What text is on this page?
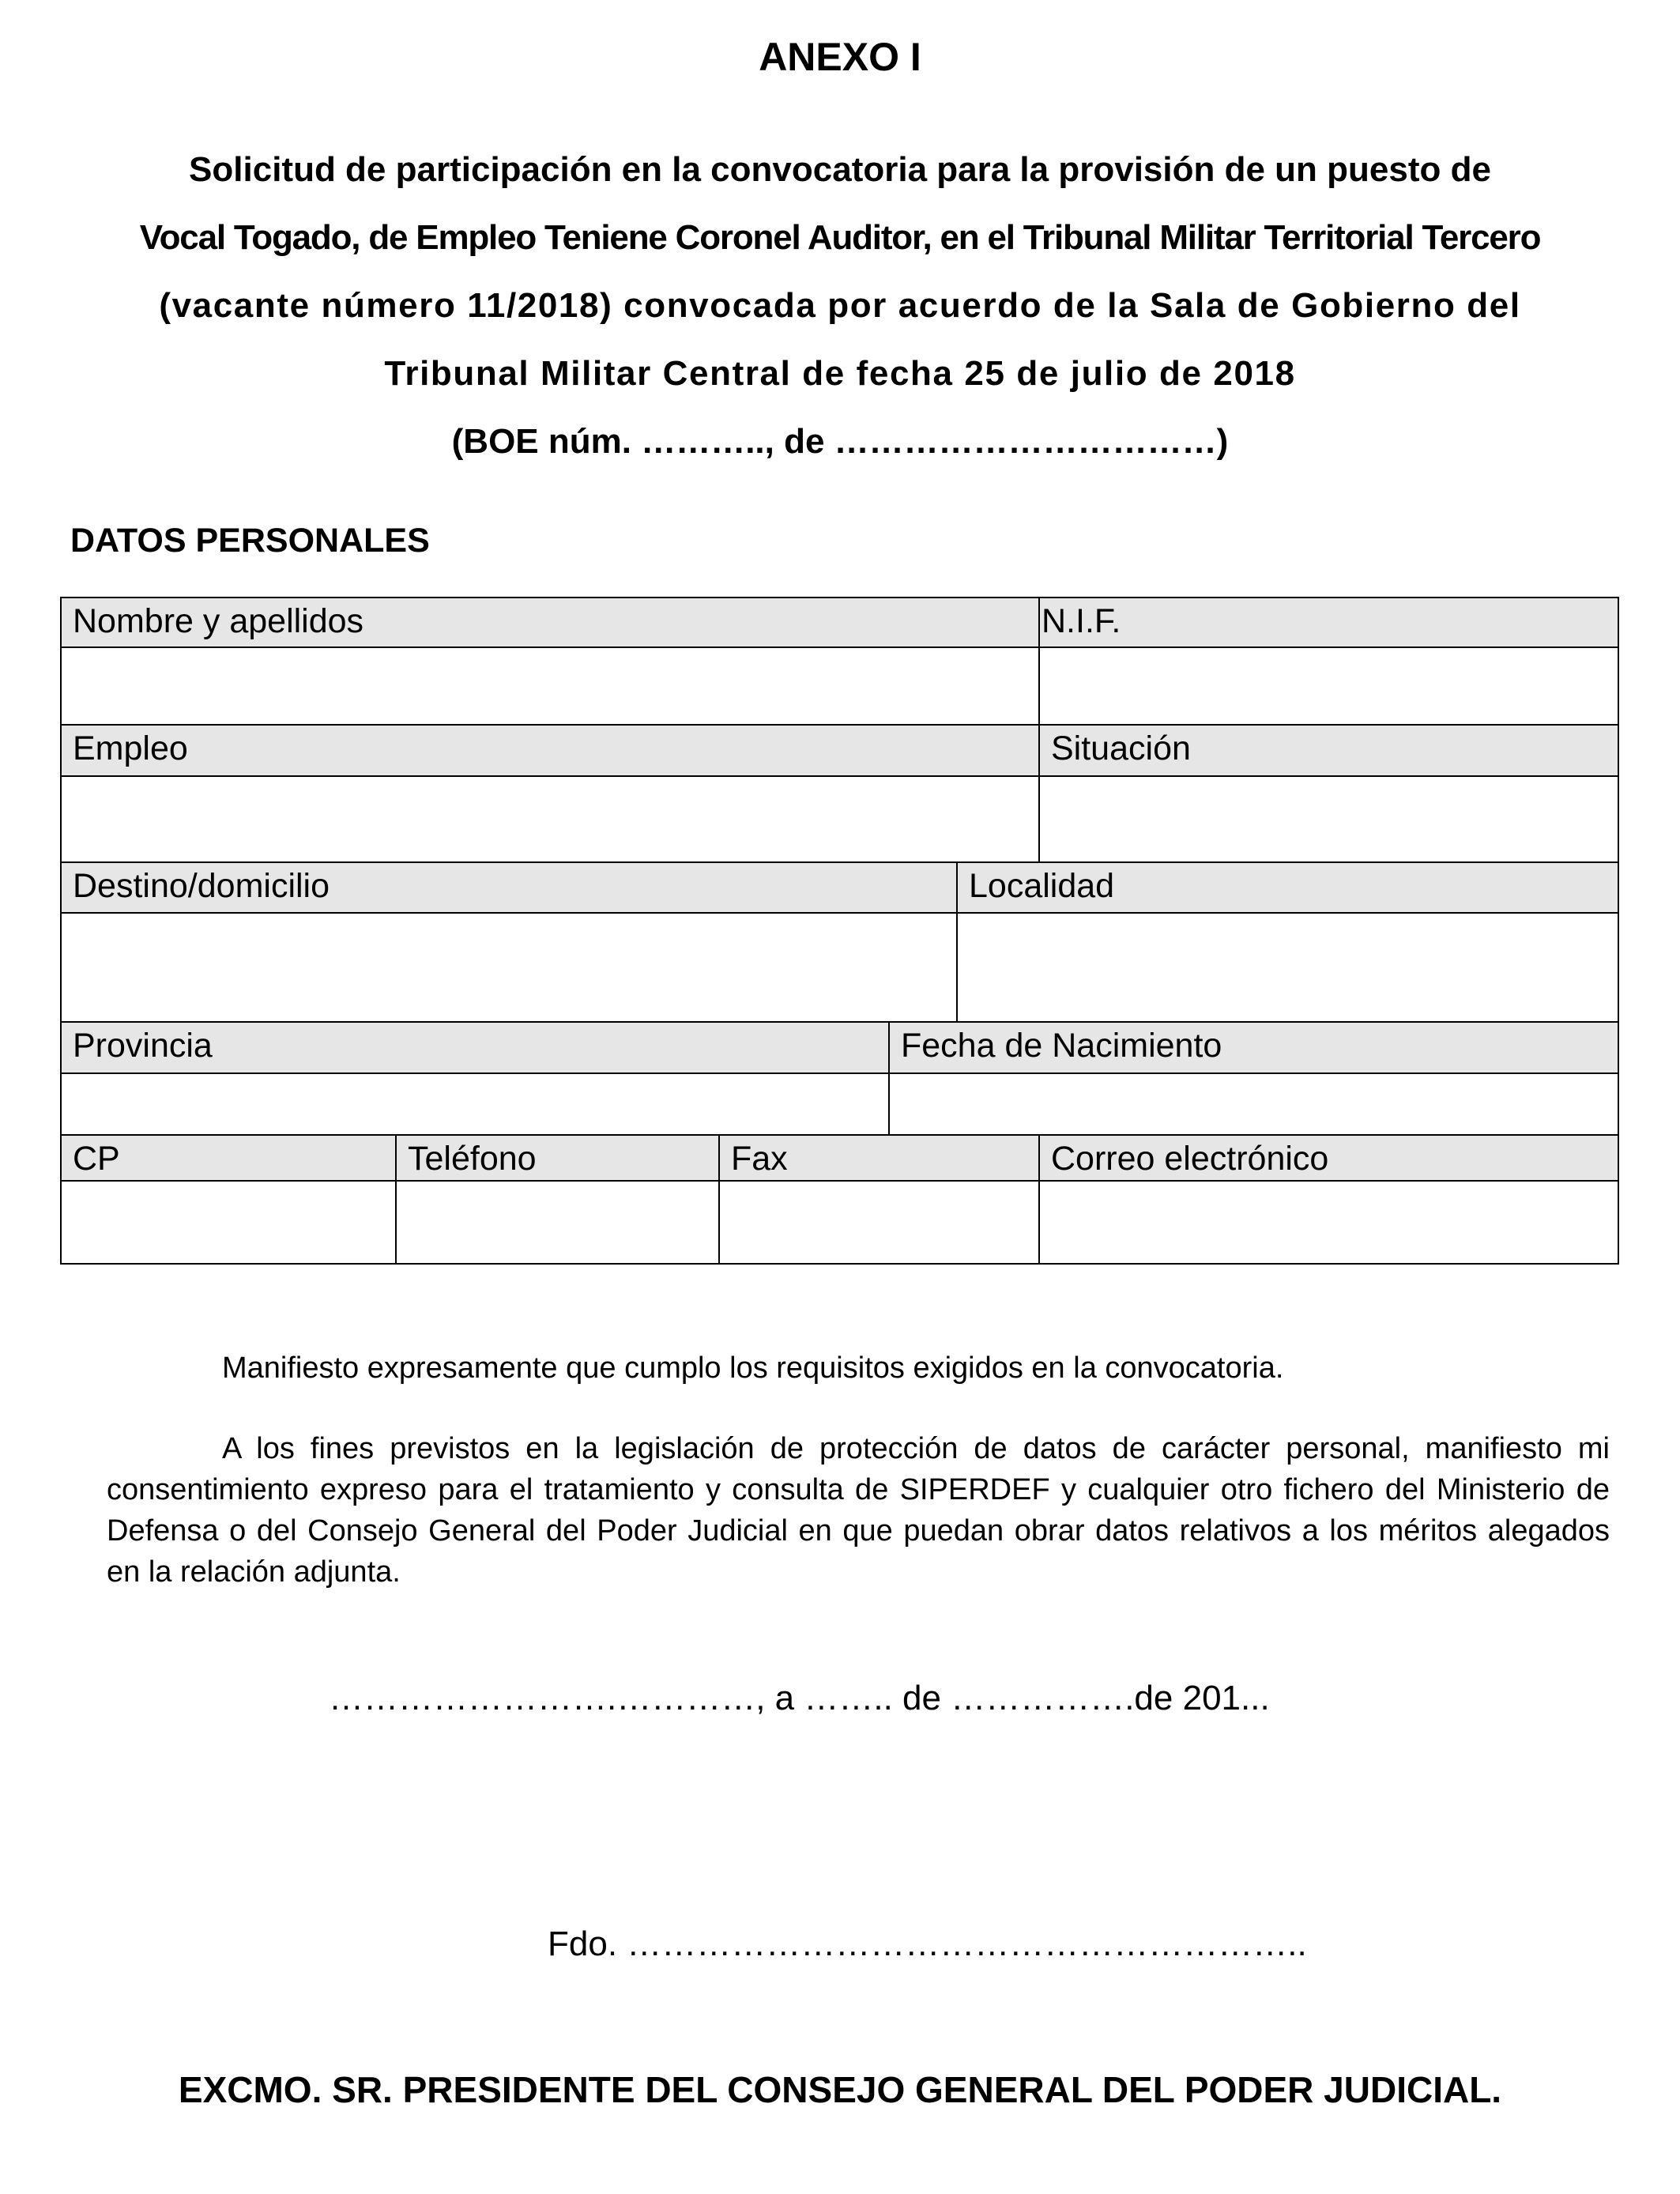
ANEXO I
Solicitud de participación en la convocatoria para la provisión de un puesto de
Vocal Togado, de Empleo Teniene Coronel Auditor, en el Tribunal Militar Territorial Tercero
(vacante número 11/2018) convocada por acuerdo de la Sala de Gobierno del
Tribunal Militar Central de fecha 25 de julio de 2018
(BOE núm. ……….., de ……………………………)
DATOS PERSONALES
Nombre y apellidos	N.I.F.
Empleo	Situación
Destino/domicilio	Localidad
Provincia	Fecha de Nacimiento
CP	Teléfono	Fax	Correo electrónico
Manifiesto expresamente que cumplo los requisitos exigidos en la convocatoria.
A los fines previstos en la legislación de protección de datos de carácter personal, manifiesto mi consentimiento expreso para el tratamiento y consulta de SIPERDEF y cualquier otro fichero del Ministerio de Defensa o del Consejo General del Poder Judicial en que puedan obrar datos relativos a los méritos alegados en la relación adjunta.
…………………….…………, a …….. de …………….de 201...
Fdo. …………………………………………………..
EXCMO. SR. PRESIDENTE DEL CONSEJO GENERAL DEL PODER JUDICIAL.
